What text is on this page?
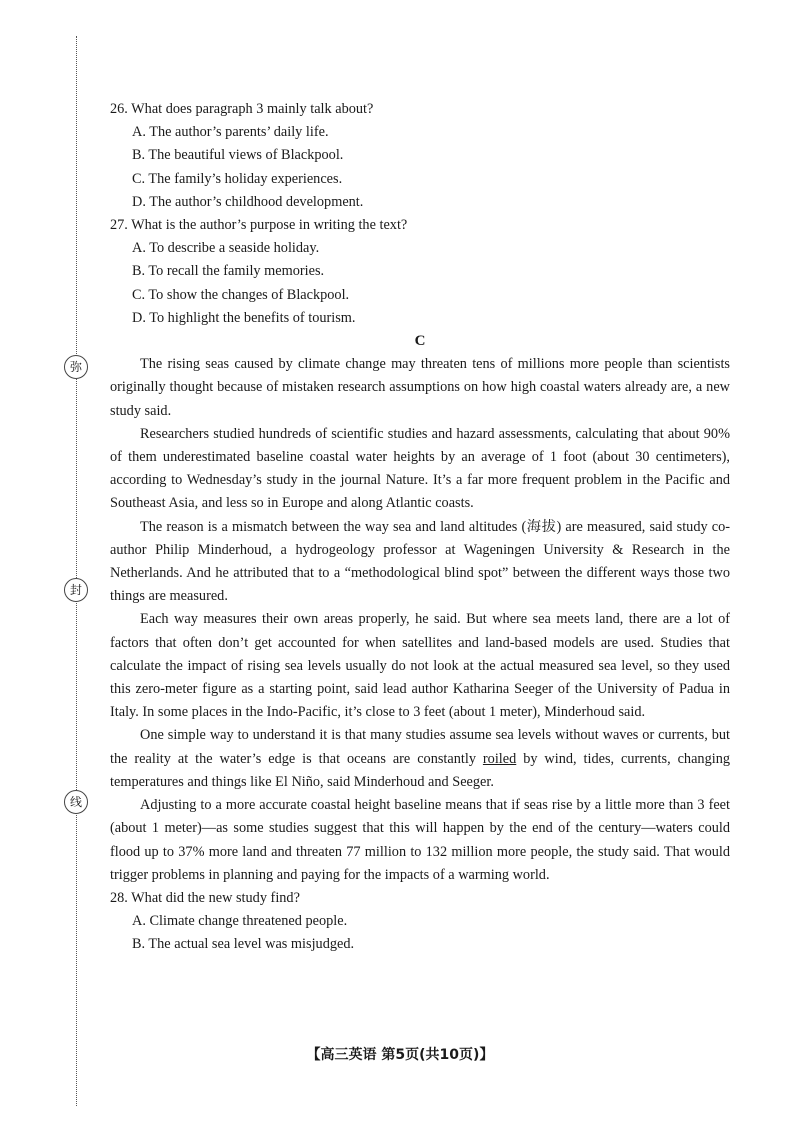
弥
封
线

26. What does paragraph 3 mainly talk about?

A. The author’s parents’ daily life.

B. The beautiful views of Blackpool.

C. The family’s holiday experiences.

D. The author’s childhood development.

27. What is the author’s purpose in writing the text?

A. To describe a seaside holiday.

B. To recall the family memories.

C. To show the changes of Blackpool.

D. To highlight the benefits of tourism.

C

The rising seas caused by climate change may threaten tens of millions more people than scientists originally thought because of mistaken research assumptions on how high coastal waters already are, a new study said.

Researchers studied hundreds of scientific studies and hazard assessments, calculating that about 90% of them underestimated baseline coastal water heights by an average of 1 foot (about 30 centimeters), according to Wednesday’s study in the journal Nature. It’s a far more frequent problem in the Pacific and Southeast Asia, and less so in Europe and along Atlantic coasts.

The reason is a mismatch between the way sea and land altitudes (海拔) are measured, said study co-author Philip Minderhoud, a hydrogeology professor at Wageningen University & Research in the Netherlands. And he attributed that to a “methodological blind spot” between the different ways those two things are measured.

Each way measures their own areas properly, he said. But where sea meets land, there are a lot of factors that often don’t get accounted for when satellites and land-based models are used. Studies that calculate the impact of rising sea levels usually do not look at the actual measured sea level, so they used this zero-meter figure as a starting point, said lead author Katharina Seeger of the University of Padua in Italy. In some places in the Indo-Pacific, it’s close to 3 feet (about 1 meter), Minderhoud said.

One simple way to understand it is that many studies assume sea levels without waves or currents, but the reality at the water’s edge is that oceans are constantly roiled by wind, tides, currents, changing temperatures and things like El Niño, said Minderhoud and Seeger.

Adjusting to a more accurate coastal height baseline means that if seas rise by a little more than 3 feet (about 1 meter)—as some studies suggest that this will happen by the end of the century—waters could flood up to 37% more land and threaten 77 million to 132 million more people, the study said. That would trigger problems in planning and paying for the impacts of a warming world.

28. What did the new study find?

A. Climate change threatened people.

B. The actual sea level was misjudged.

【高三英语 第5页(共10页)】
